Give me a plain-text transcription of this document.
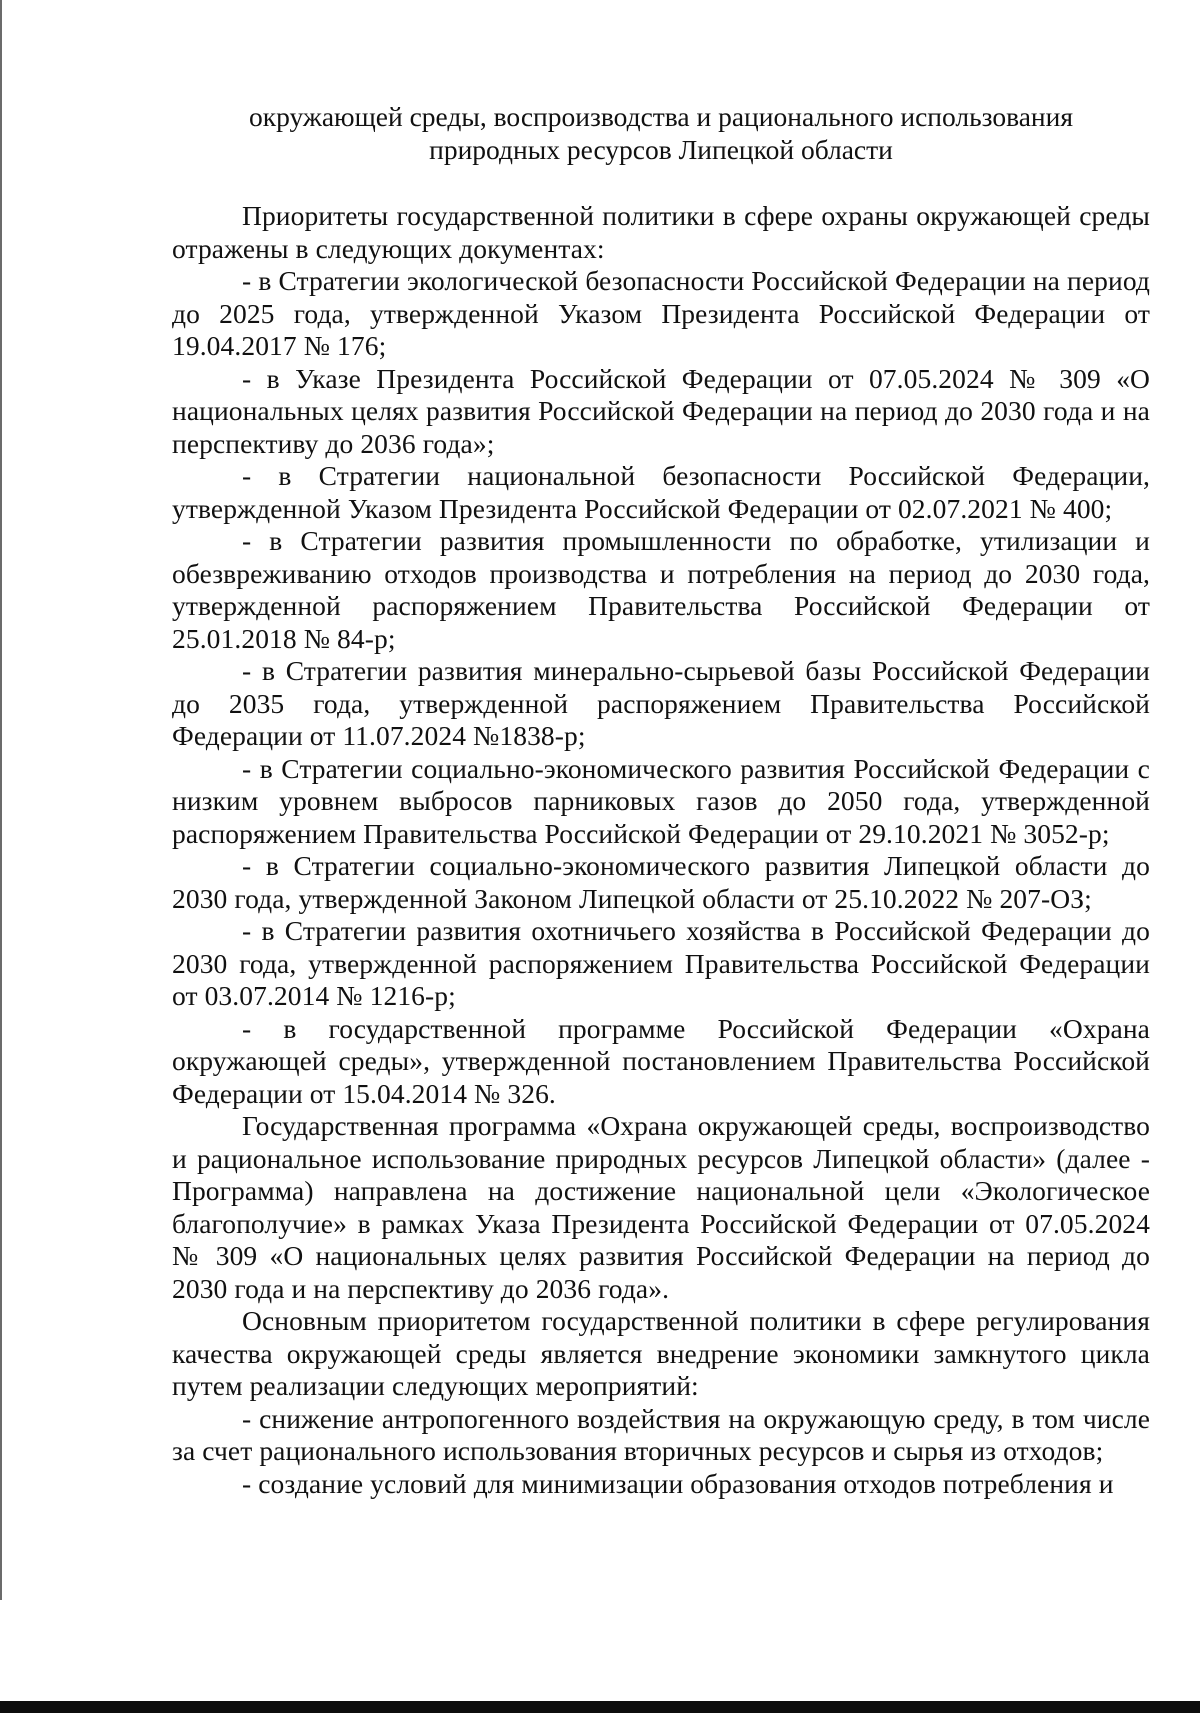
окружающей среды, воспроизводства и рационального использования
природных ресурсов Липецкой области

Приоритеты государственной политики в сфере охраны окружающей среды отражены в следующих документах:

- в Стратегии экологической безопасности Российской Федерации на период до 2025 года, утвержденной Указом Президента Российской Федерации от 19.04.2017 № 176;

- в Указе Президента Российской Федерации от 07.05.2024 № 309 «О национальных целях развития Российской Федерации на период до 2030 года и на перспективу до 2036 года»;

- в Стратегии национальной безопасности Российской Федерации, утвержденной Указом Президента Российской Федерации от 02.07.2021 № 400;

- в Стратегии развития промышленности по обработке, утилизации и обезвреживанию отходов производства и потребления на период до 2030 года, утвержденной распоряжением Правительства Российской Федерации от 25.01.2018 № 84-р;

- в Стратегии развития минерально-сырьевой базы Российской Федерации до 2035 года, утвержденной распоряжением Правительства Российской Федерации от 11.07.2024 №1838-р;

- в Стратегии социально-экономического развития Российской Федерации с низким уровнем выбросов парниковых газов до 2050 года, утвержденной распоряжением Правительства Российской Федерации от 29.10.2021 № 3052-р;

- в Стратегии социально-экономического развития Липецкой области до 2030 года, утвержденной Законом Липецкой области от 25.10.2022 № 207-ОЗ;

- в Стратегии развития охотничьего хозяйства в Российской Федерации до 2030 года, утвержденной распоряжением Правительства Российской Федерации от 03.07.2014 № 1216-р;

- в государственной программе Российской Федерации «Охрана окружающей среды», утвержденной постановлением Правительства Российской Федерации от 15.04.2014 № 326.

Государственная программа «Охрана окружающей среды, воспроизводство и рациональное использование природных ресурсов Липецкой области» (далее - Программа) направлена на достижение национальной цели «Экологическое благополучие» в рамках Указа Президента Российской Федерации от 07.05.2024 № 309 «О национальных целях развития Российской Федерации на период до 2030 года и на перспективу до 2036 года».

Основным приоритетом государственной политики в сфере регулирования качества окружающей среды является внедрение экономики замкнутого цикла путем реализации следующих мероприятий:

- снижение антропогенного воздействия на окружающую среду, в том числе за счет рационального использования вторичных ресурсов и сырья из отходов;

- создание условий для минимизации образования отходов потребления и
